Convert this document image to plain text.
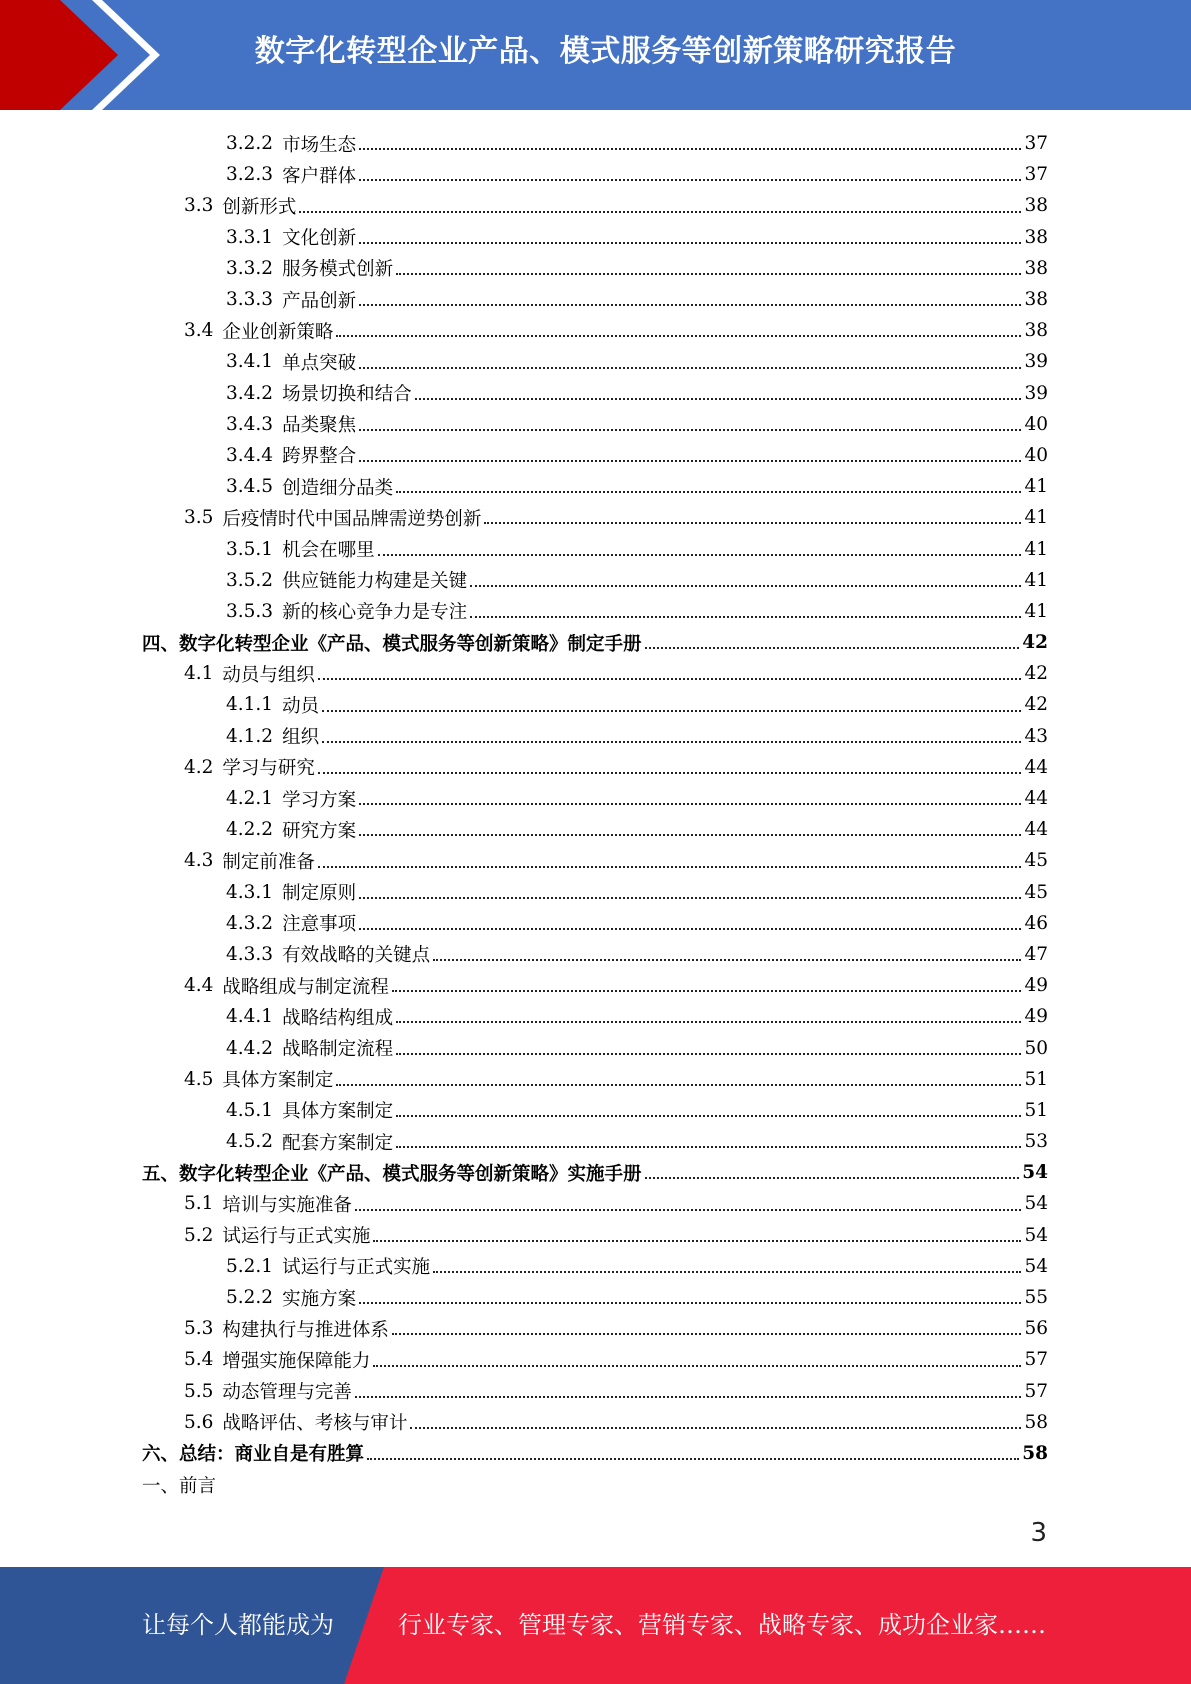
数字化转型企业产品、模式服务等创新策略研究报告
3.2.2 市场生态	37
3.2.3 客户群体	37
3.3 创新形式	38
3.3.1 文化创新	38
3.3.2 服务模式创新	38
3.3.3 产品创新	38
3.4 企业创新策略	38
3.4.1 单点突破	39
3.4.2 场景切换和结合	39
3.4.3 品类聚焦	40
3.4.4 跨界整合	40
3.4.5 创造细分品类	41
3.5 后疫情时代中国品牌需逆势创新	41
3.5.1 机会在哪里	41
3.5.2 供应链能力构建是关键	41
3.5.3 新的核心竞争力是专注	41
四、 数字化转型企业《产品、模式服务等创新策略》制定手册	42
4.1 动员与组织	42
4.1.1 动员	42
4.1.2 组织	43
4.2 学习与研究	44
4.2.1 学习方案	44
4.2.2 研究方案	44
4.3 制定前准备	45
4.3.1 制定原则	45
4.3.2 注意事项	46
4.3.3 有效战略的关键点	47
4.4 战略组成与制定流程	49
4.4.1 战略结构组成	49
4.4.2 战略制定流程	50
4.5 具体方案制定	51
4.5.1 具体方案制定	51
4.5.2 配套方案制定	53
五、 数字化转型企业《产品、模式服务等创新策略》实施手册	54
5.1 培训与实施准备	54
5.2 试运行与正式实施	54
5.2.1 试运行与正式实施	54
5.2.2 实施方案	55
5.3 构建执行与推进体系	56
5.4 增强实施保障能力	57
5.5 动态管理与完善	57
5.6 战略评估、考核与审计	58
六、 总结：商业自是有胜算	58
一、前言
3
让每个人都能成为	行业专家、管理专家、营销专家、战略专家、成功企业家……
